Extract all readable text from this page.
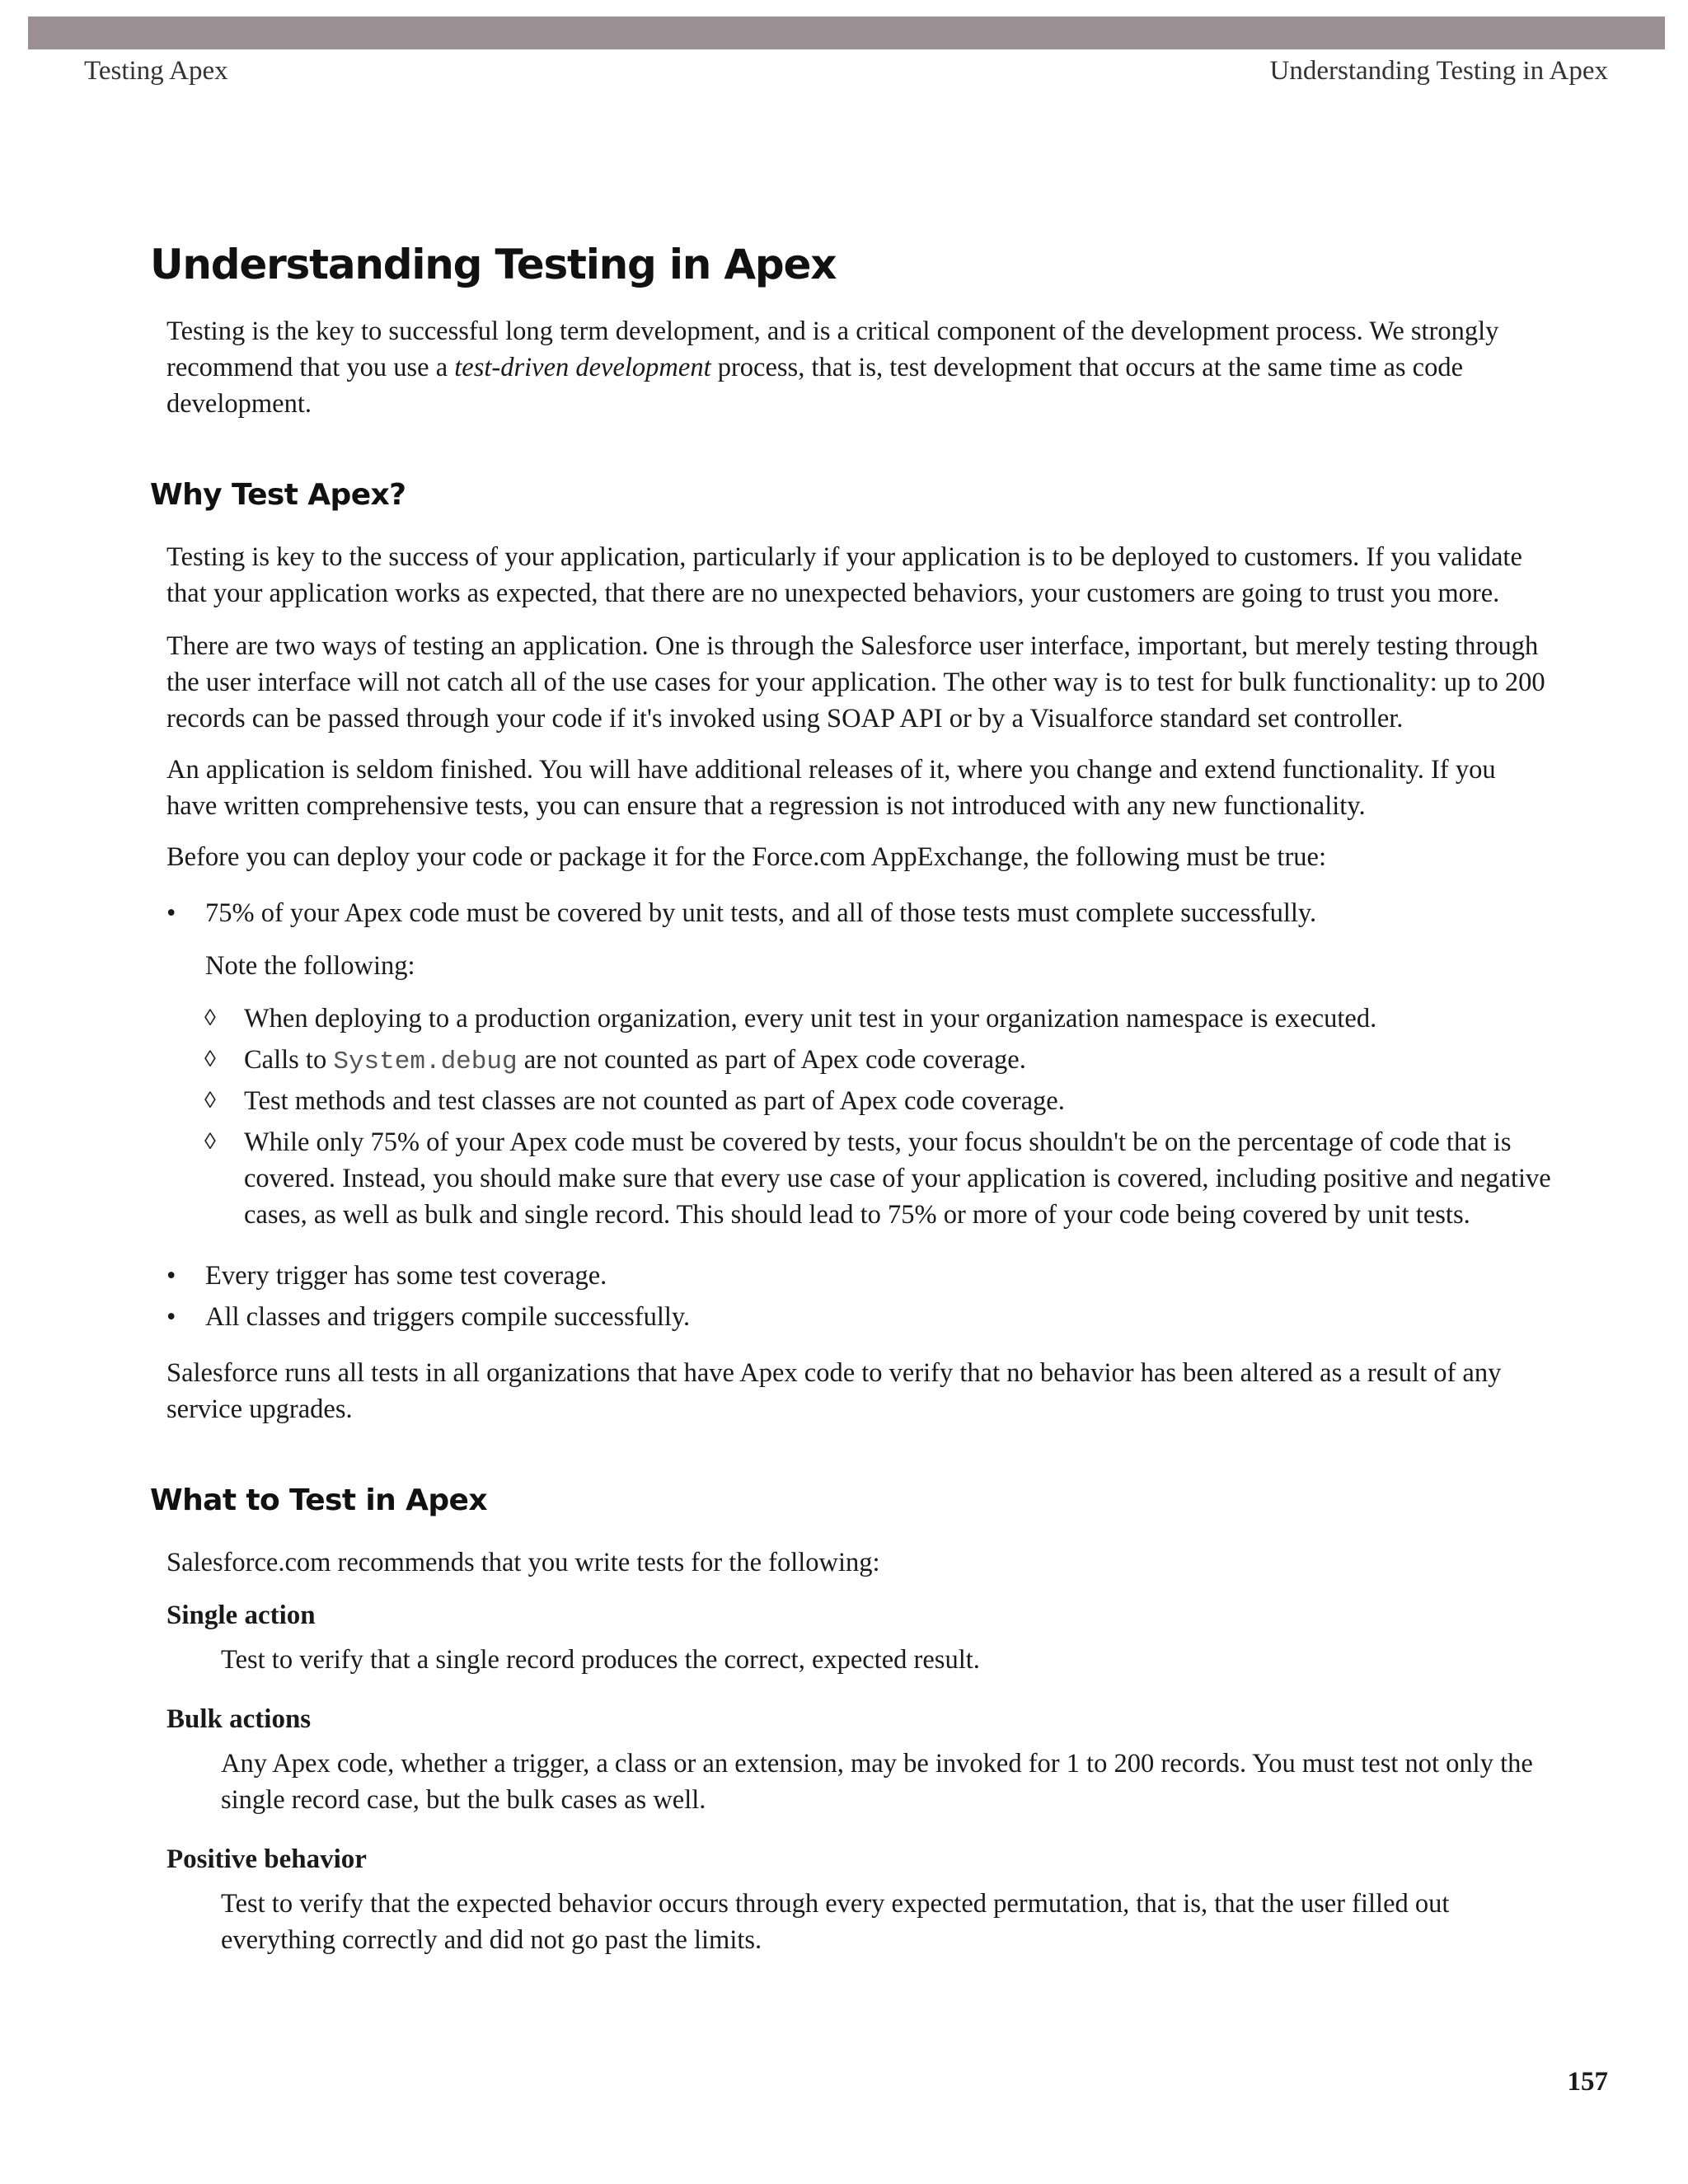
Testing Apex	Understanding Testing in Apex
Understanding Testing in Apex

Testing is the key to successful long term development, and is a critical component of the development process. We strongly recommend that you use a test-driven development process, that is, test development that occurs at the same time as code development.

Why Test Apex?

Testing is key to the success of your application, particularly if your application is to be deployed to customers. If you validate that your application works as expected, that there are no unexpected behaviors, your customers are going to trust you more.

There are two ways of testing an application. One is through the Salesforce user interface, important, but merely testing through the user interface will not catch all of the use cases for your application. The other way is to test for bulk functionality: up to 200 records can be passed through your code if it's invoked using SOAP API or by a Visualforce standard set controller.

An application is seldom finished. You will have additional releases of it, where you change and extend functionality. If you have written comprehensive tests, you can ensure that a regression is not introduced with any new functionality.

Before you can deploy your code or package it for the Force.com AppExchange, the following must be true:

• 75% of your Apex code must be covered by unit tests, and all of those tests must complete successfully.

Note the following:

◊ When deploying to a production organization, every unit test in your organization namespace is executed.

◊ Calls to System.debug are not counted as part of Apex code coverage.

◊ Test methods and test classes are not counted as part of Apex code coverage.

◊ While only 75% of your Apex code must be covered by tests, your focus shouldn't be on the percentage of code that is covered. Instead, you should make sure that every use case of your application is covered, including positive and negative cases, as well as bulk and single record. This should lead to 75% or more of your code being covered by unit tests.

• Every trigger has some test coverage.

• All classes and triggers compile successfully.

Salesforce runs all tests in all organizations that have Apex code to verify that no behavior has been altered as a result of any service upgrades.

What to Test in Apex

Salesforce.com recommends that you write tests for the following:

Single action

Test to verify that a single record produces the correct, expected result.

Bulk actions

Any Apex code, whether a trigger, a class or an extension, may be invoked for 1 to 200 records. You must test not only the single record case, but the bulk cases as well.

Positive behavior

Test to verify that the expected behavior occurs through every expected permutation, that is, that the user filled out everything correctly and did not go past the limits.

157
